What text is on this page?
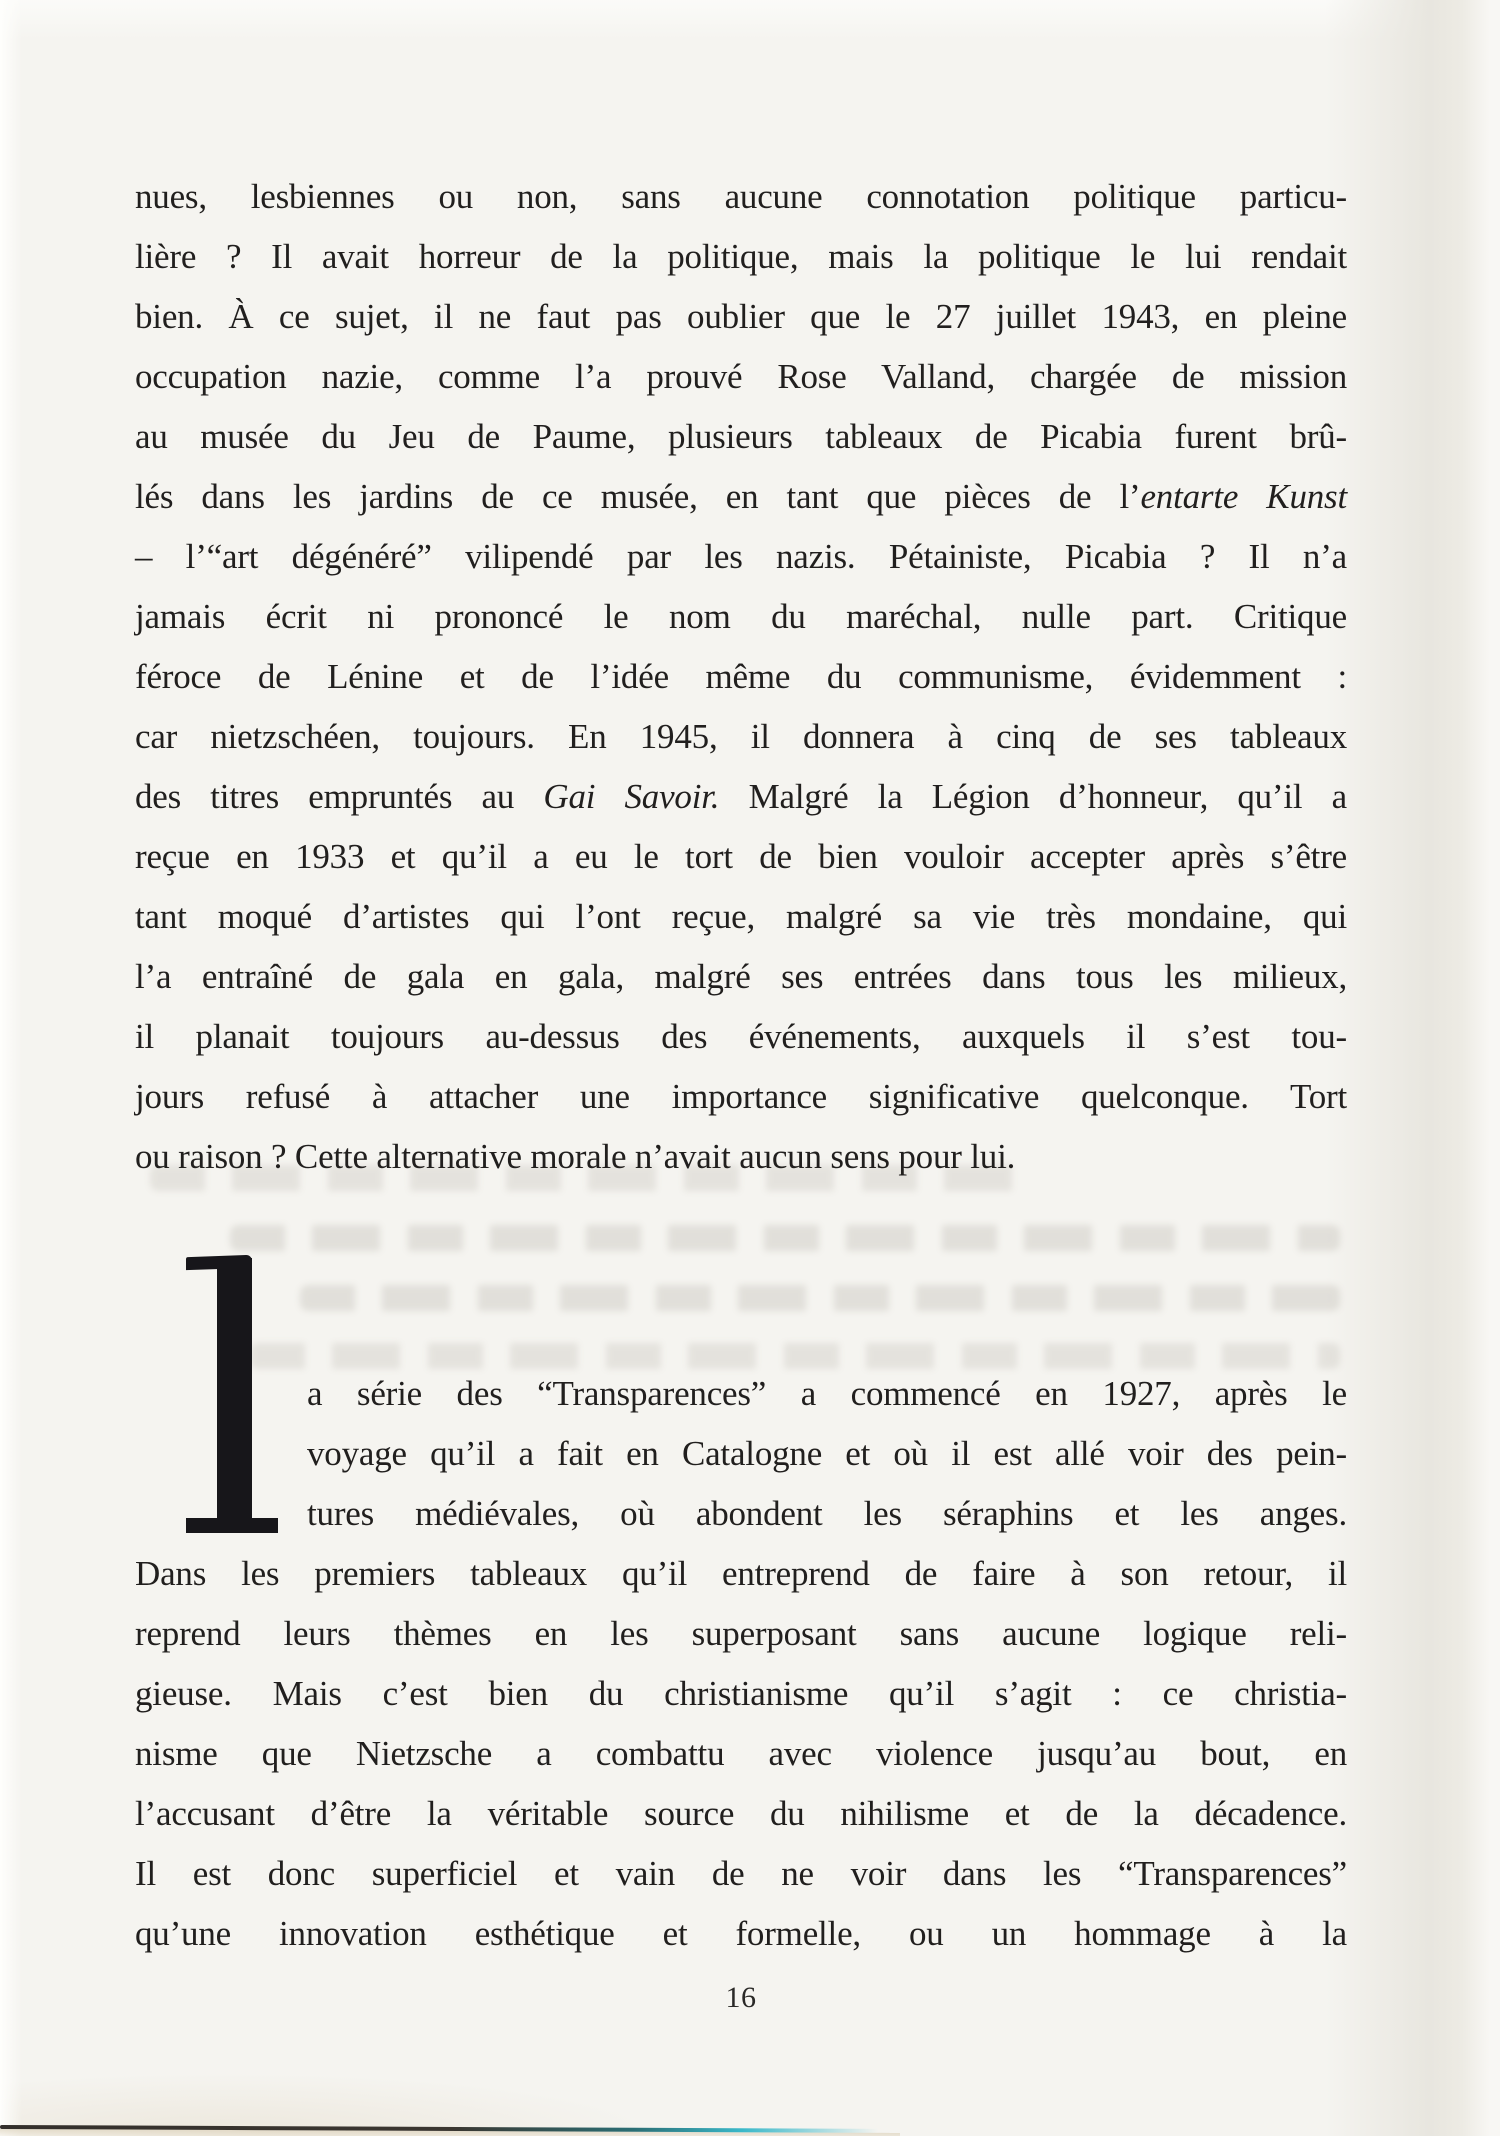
nues, lesbiennes ou non, sans aucune connotation politique particu-
lière ? Il avait horreur de la politique, mais la politique le lui rendait
bien. À ce sujet, il ne faut pas oublier que le 27 juillet 1943, en pleine
occupation nazie, comme l’a prouvé Rose Valland, chargée de mission
au musée du Jeu de Paume, plusieurs tableaux de Picabia furent brû-
lés dans les jardins de ce musée, en tant que pièces de l’entarte Kunst
– l’“art dégénéré” vilipendé par les nazis. Pétainiste, Picabia ? Il n’a
jamais écrit ni prononcé le nom du maréchal, nulle part. Critique
féroce de Lénine et de l’idée même du communisme, évidemment :
car nietzschéen, toujours. En 1945, il donnera à cinq de ses tableaux
des titres empruntés au Gai Savoir. Malgré la Légion d’honneur, qu’il a
reçue en 1933 et qu’il a eu le tort de bien vouloir accepter après s’être
tant moqué d’artistes qui l’ont reçue, malgré sa vie très mondaine, qui
l’a entraîné de gala en gala, malgré ses entrées dans tous les milieux,
il planait toujours au-dessus des événements, auxquels il s’est tou-
jours refusé à attacher une importance significative quelconque. Tort
ou raison ? Cette alternative morale n’avait aucun sens pour lui.
a série des “Transparences” a commencé en 1927, après le
voyage qu’il a fait en Catalogne et où il est allé voir des pein-
tures médiévales, où abondent les séraphins et les anges.
Dans les premiers tableaux qu’il entreprend de faire à son retour, il
reprend leurs thèmes en les superposant sans aucune logique reli-
gieuse. Mais c’est bien du christianisme qu’il s’agit : ce christia-
nisme que Nietzsche a combattu avec violence jusqu’au bout, en
l’accusant d’être la véritable source du nihilisme et de la décadence.
Il est donc superficiel et vain de ne voir dans les “Transparences”
qu’une innovation esthétique et formelle, ou un hommage à la
16
